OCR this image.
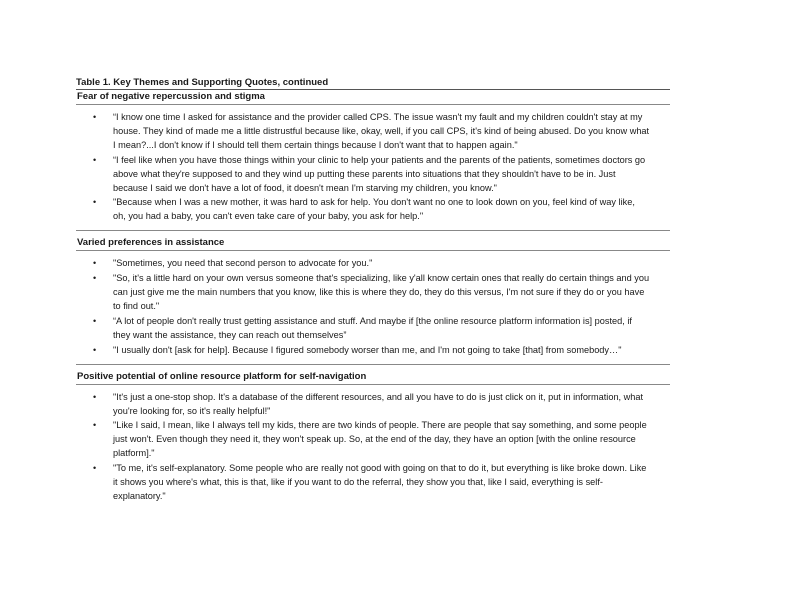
Table 1. Key Themes and Supporting Quotes, continued
Fear of negative repercussion and stigma
• “I know one time I asked for assistance and the provider called CPS. The issue wasn't my fault and my children couldn't stay at my house. They kind of made me a little distrustful because like, okay, well, if you call CPS, it's kind of being abused. Do you know what I mean?...I don't know if I should tell them certain things because I don't want that to happen again."
• “I feel like when you have those things within your clinic to help your patients and the parents of the patients, sometimes doctors go above what they're supposed to and they wind up putting these parents into situations that they shouldn't have to be in. Just because I said we don't have a lot of food, it doesn't mean I'm starving my children, you know."
• "Because when I was a new mother, it was hard to ask for help. You don't want no one to look down on you, feel kind of way like, oh, you had a baby, you can't even take care of your baby, you ask for help."
Varied preferences in assistance
• "Sometimes, you need that second person to advocate for you."
• "So, it's a little hard on your own versus someone that's specializing, like y'all know certain ones that really do certain things and you can just give me the main numbers that you know, like this is where they do, they do this versus, I'm not sure if they do or you have to find out."
• “A lot of people don't really trust getting assistance and stuff. And maybe if [the online resource platform information is] posted, if they want the assistance, they can reach out themselves”
• "I usually don't [ask for help]. Because I figured somebody worser than me, and I'm not going to take [that] from somebody…"
Positive potential of online resource platform for self-navigation
• "It's just a one-stop shop. It's a database of the different resources, and all you have to do is just click on it, put in information, what you're looking for, so it's really helpful!"
• "Like I said, I mean, like I always tell my kids, there are two kinds of people. There are people that say something, and some people just won't. Even though they need it, they won't speak up. So, at the end of the day, they have an option [with the online resource platform]."
• "To me, it's self-explanatory. Some people who are really not good with going on that to do it, but everything is like broke down. Like it shows you where's what, this is that, like if you want to do the referral, they show you that, like I said, everything is self-explanatory."
